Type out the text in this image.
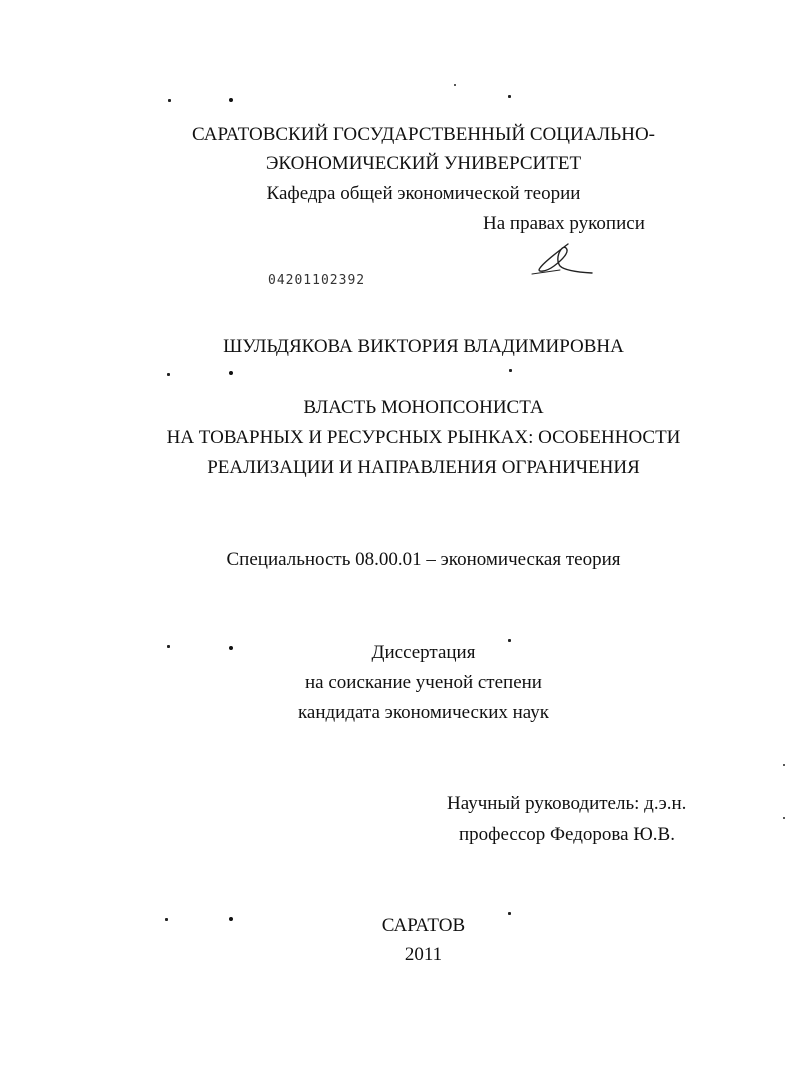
САРАТОВСКИЙ ГОСУДАРСТВЕННЫЙ СОЦИАЛЬНО-
ЭКОНОМИЧЕСКИЙ УНИВЕРСИТЕТ
Кафедра общей экономической теории
На правах рукописи
04201102392
ШУЛЬДЯКОВА ВИКТОРИЯ ВЛАДИМИРОВНА
ВЛАСТЬ МОНОПСОНИСТА
НА ТОВАРНЫХ И РЕСУРСНЫХ РЫНКАХ: ОСОБЕННОСТИ
РЕАЛИЗАЦИИ И НАПРАВЛЕНИЯ ОГРАНИЧЕНИЯ
Специальность 08.00.01 – экономическая теория
Диссертация
на соискание ученой степени
кандидата экономических наук
Научный руководитель: д.э.н.
профессор Федорова Ю.В.
САРАТОВ
2011
